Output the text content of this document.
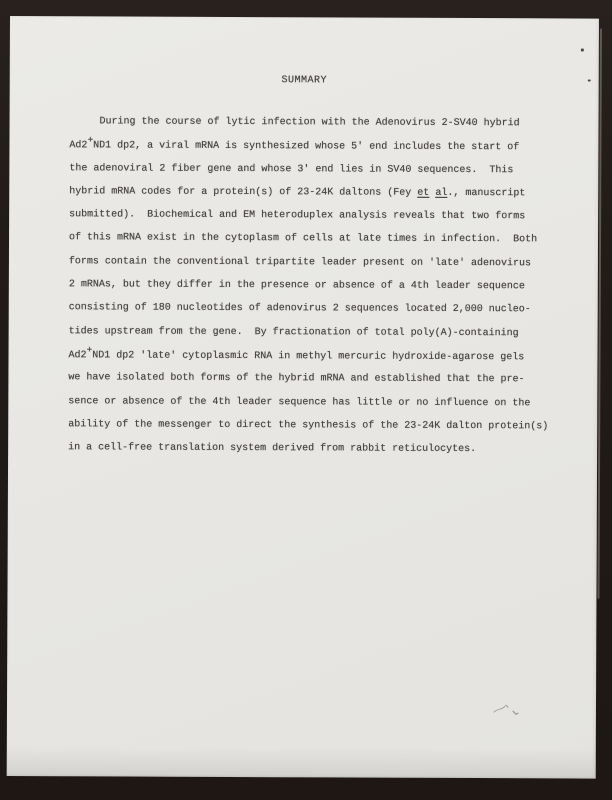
SUMMARY
During the course of lytic infection with the Adenovirus 2-SV40 hybrid
Ad2+ND1 dp2, a viral mRNA is synthesized whose 5' end includes the start of
the adenoviral 2 fiber gene and whose 3' end lies in SV40 sequences.  This
hybrid mRNA codes for a protein(s) of 23-24K daltons (Fey et al., manuscript
submitted).  Biochemical and EM heteroduplex analysis reveals that two forms
of this mRNA exist in the cytoplasm of cells at late times in infection.  Both
forms contain the conventional tripartite leader present on 'late' adenovirus
2 mRNAs, but they differ in the presence or absence of a 4th leader sequence
consisting of 180 nucleotides of adenovirus 2 sequences located 2,000 nucleo-
tides upstream from the gene.  By fractionation of total poly(A)-containing
Ad2+ND1 dp2 'late' cytoplasmic RNA in methyl mercuric hydroxide-agarose gels
we have isolated both forms of the hybrid mRNA and established that the pre-
sence or absence of the 4th leader sequence has little or no influence on the
ability of the messenger to direct the synthesis of the 23-24K dalton protein(s)
in a cell-free translation system derived from rabbit reticulocytes.
